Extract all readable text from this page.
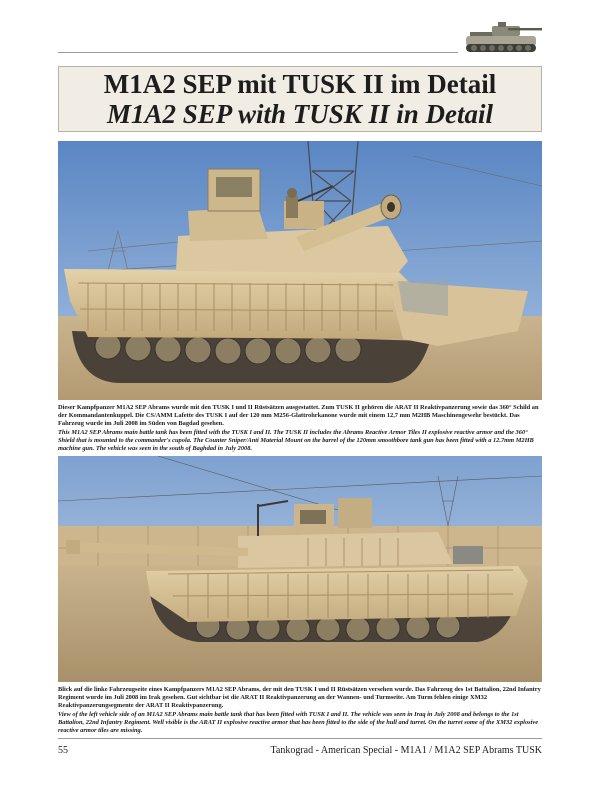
M1A2 SEP mit TUSK II im Detail
M1A2 SEP with TUSK II in Detail

Dieser Kampfpanzer M1A2 SEP Abrams wurde mit den TUSK I und II Rüstsätzen ausgestattet. Zum TUSK II gehören die ARAT II Reaktivpanzerung sowie das 360° Schild an der Kommandantenkuppel. Die CS/AMM Lafette des TUSK I auf der 120 mm M256-Glattrohrkanone wurde mit einem 12,7 mm M2HB Maschinengewehr bestückt. Das Fahrzeug wurde im Juli 2008 im Süden von Bagdad gesehen.

This M1A2 SEP Abrams main battle tank has been fitted with the TUSK I and II. The TUSK II includes the Abrams Reactive Armor Tiles II explosive reactive armor and the 360° Shield that is mounted to the commander's cupola. The Counter Sniper/Anti Material Mount on the barrel of the 120mm smoothbore tank gun has been fitted with a 12.7mm M2HB machine gun. The vehicle was seen in the south of Baghdad in July 2008.

Blick auf die linke Fahrzeugseite eines Kampfpanzers M1A2 SEP Abrams, der mit den TUSK I und II Rüstsätzen versehen wurde. Das Fahrzeug des 1st Battalion, 22nd Infantry Regiment wurde im Juli 2008 im Irak gesehen. Gut sichtbar ist die ARAT II Reaktivpanzerung an der Wannen- und Turmseite. Am Turm fehlen einige XM32 Reaktivpanzerungsegmente der ARAT II Reaktivpanzerung.

View of the left vehicle side of an M1A2 SEP Abrams main battle tank that has been fitted with TUSK I and II. The vehicle was seen in Iraq in July 2008 and belongs to the 1st Battalion, 22nd Infantry Regiment. Well visible is the ARAT II explosive reactive armor that has been fitted to the side of the hull and turret. On the turret some of the XM32 explosive reactive armor tiles are missing.

55	Tankograd - American Special - M1A1 / M1A2 SEP Abrams TUSK
